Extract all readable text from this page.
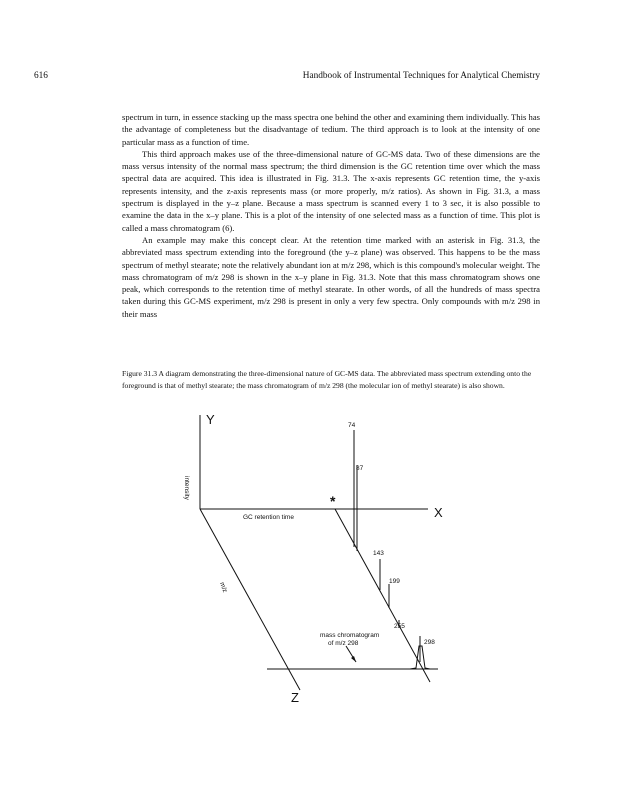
616	Handbook of Instrumental Techniques for Analytical Chemistry

spectrum in turn, in essence stacking up the mass spectra one behind the other and examining them individually. This has the advantage of completeness but the disadvantage of tedium. The third approach is to look at the intensity of one particular mass as a function of time.

This third approach makes use of the three-dimensional nature of GC-MS data. Two of these dimensions are the mass versus intensity of the normal mass spectrum; the third dimension is the GC retention time over which the mass spectral data are acquired. This idea is illustrated in Fig. 31.3. The x-axis represents GC retention time, the y-axis represents intensity, and the z-axis represents mass (or more properly, m/z ratios). As shown in Fig. 31.3, a mass spectrum is displayed in the y–z plane. Because a mass spectrum is scanned every 1 to 3 sec, it is also possible to examine the data in the x–y plane. This is a plot of the intensity of one selected mass as a function of time. This plot is called a mass chromatogram (6).

An example may make this concept clear. At the retention time marked with an asterisk in Fig. 31.3, the abbreviated mass spectrum extending into the foreground (the y–z plane) was observed. This happens to be the mass spectrum of methyl stearate; note the relatively abundant ion at m/z 298, which is this compound's molecular weight. The mass chromatogram of m/z 298 is shown in the x–y plane in Fig. 31.3. Note that this mass chromatogram shows one peak, which corresponds to the retention time of methyl stearate. In other words, of all the hundreds of mass spectra taken during this GC-MS experiment, m/z 298 is present in only a very few spectra. Only compounds with m/z 298 in their mass

Figure 31.3 A diagram demonstrating the three-dimensional nature of GC-MS data. The abbreviated mass spectrum extending onto the foreground is that of methyl stearate; the mass chromatogram of m/z 298 (the molecular ion of methyl stearate) is also shown.

Y
X
Z
intensity
GC retention time
m/z
*
mass chromatogram
of m/z 298
74
87
143
199
255
298
